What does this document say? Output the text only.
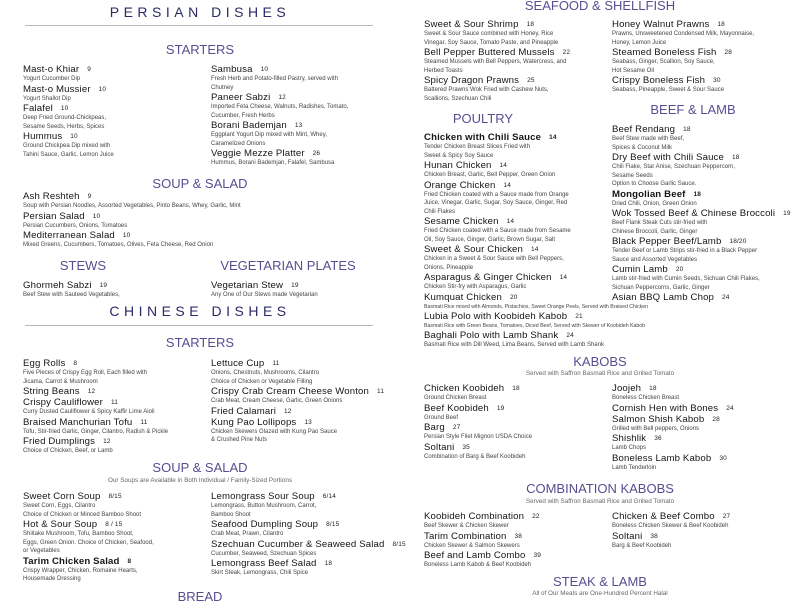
PERSIAN DISHES
STARTERS
Mast-o Khiar 9
Yogurt Cucumber Dip
Mast-o Mussier 10
Yogurt Shallot Dip
Falafel 10
Deep Fried Ground-Chickpeas,
Sesame Seeds, Herbs, Spices
Hummus 10
Ground Chickpea Dip mixed with
Tahini Sauce, Garlic, Lemon Juice
Sambusa 10
Fresh Herb and Potato-filled Pastry, served with
Chutney
Paneer Sabzi 12
Imported Feta Cheese, Walnuts, Radishes, Tomato,
Cucumber, Fresh Herbs
Borani Bademjan 13
Eggplant Yogurt Dip mixed with Mint, Whey,
Caramelized Onions
Veggie Mezze Platter 26
Hummus, Borani Bademjan, Falafel, Sambusa
SOUP & SALAD
Ash Reshteh 9
Soup with Persian Noodles, Assorted Vegetables, Pinto Beans, Whey, Garlic, Mint
Persian Salad 10
Persian Cucumbers, Onions, Tomatoes
Mediterranean Salad 10
Mixed Greens, Cucumbers, Tomatoes, Olives, Feta Cheese, Red Onion
STEWS	VEGETARIAN PLATES
Ghormeh Sabzi 19
Beef Stew with Sauteed Vegetables,
Vegetarian Stew 19
Any One of Our Stews made Vegetarian
CHINESE DISHES
STARTERS
Egg Rolls 8
Five Pieces of Crispy Egg Roll, Each filled with
Jicama, Carrot & Mushroom
String Beans 12
Crispy Cauliflower 11
Curry Dusted Cauliflower & Spicy Kaffir Lime Aioli
Braised Manchurian Tofu 11
Tofu, Stir-fried Garlic, Ginger, Cilantro, Radish & Pickle
Fried Dumplings 12
Choice of Chicken, Beef, or Lamb
Lettuce Cup 11
Onions, Chestnuts, Mushrooms, Cilantro
Choice of Chicken or Vegetable Filling
Crispy Crab Cream Cheese Wonton 11
Crab Meat, Cream Cheese, Garlic, Green Onions
Fried Calamari 12
Kung Pao Lollipops 13
Chicken Skewers Glazed with Kung Pao Sauce
& Crushed Pine Nuts
SOUP & SALAD
Our Soups are Available in Both Individual / Family-Sized Portions
Sweet Corn Soup 8/15
Sweet Corn, Eggs, Cilantro
Choice of Chicken or Minced Bamboo Shoot
Hot & Sour Soup 8 / 15
Shiitake Mushroom, Tofu, Bamboo Shoot,
Eggs, Green Onion. Choice of Chicken, Seafood,
or Vegetables
Tarim Chicken Salad 8
Crispy Wrapper, Chicken, Romaine Hearts,
Housemade Dressing
Lemongrass Sour Soup 6/14
Lemongrass, Button Mushroom, Carrot,
Bamboo Shoot
Seafood Dumpling Soup 8/15
Crab Meat, Prawn, Cilantro
Szechuan Cucumber & Seaweed Salad 8/15
Cucumber, Seaweed, Szechuan Spices
Lemongrass Beef Salad 18
Skirt Steak, Lemongrass, Chili Spice
BREAD
SEAFOOD & SHELLFISH
Sweet & Sour Shrimp 18
Sweet & Sour Sauce combined with Honey, Rice
Vinegar, Soy Sauce, Tomato Paste, and Pineapple
Bell Pepper Buttered Mussels 22
Steamed Mussels with Bell Peppers, Watercress, and
Herbed Toasts
Spicy Dragon Prawns 25
Battered Prawns Wok Fried with Cashew Nuts,
Scallions, Szechuan Chili
Honey Walnut Prawns 18
Prawns, Unsweetened Condensed Milk, Mayonnaise,
Honey, Lemon Juice
Steamed Boneless Fish 28
Seabass, Ginger, Scallion, Soy Sauce,
Hot Sesame Oil
Crispy Boneless Fish 30
Seabass, Pineapple, Sweet & Sour Sauce
POULTRY
BEEF & LAMB
Chicken with Chili Sauce 14
Tender Chicken Breast Slices Fried with
Sweet & Spicy Soy Sauce
Hunan Chicken 14
Chicken Breast, Garlic, Bell Pepper, Green Onion
Orange Chicken 14
Fried Chicken coated with a Sauce made from Orange
Juice, Vinegar, Garlic, Sugar, Soy Sauce, Ginger, Red
Chili Flakes
Sesame Chicken 14
Fried Chicken coated with a Sauce made from Sesame
Oil, Soy Sauce, Ginger, Garlic, Brown Sugar, Salt
Sweet & Sour Chicken 14
Chicken in a Sweet & Sour Sauce with Bell Peppers,
Onions, Pineapple
Asparagus & Ginger Chicken 14
Chicken Stir-fry with Asparagus, Garlic
Kumquat Chicken 20
Basmati Rice mixed with Almonds, Pistachios, Sweet Orange Peels, Served with Braised Chicken
Lubia Polo with Koobideh Kabob 21
Basmati Rice with Green Beans, Tomatoes, Diced Beef, Served with Skewer of Koobideh Kabob
Baghali Polo with Lamb Shank 24
Basmati Rice with Dill Weed, Lima Beans, Served with Lamb Shank
Beef Rendang 18
Beef Stew made with Beef,
Spices & Coconut Milk
Dry Beef with Chili Sauce 18
Chili Flake, Star Anise, Szechuan Peppercorn,
Sesame Seeds
Option to Choose Garlic Sauce.
Mongolian Beef 18
Dried Chili, Onion, Green Onion
Wok Tossed Beef & Chinese Broccoli 19
Beef Flank Steak Cuts stir-fried with
Chinese Broccoli, Garlic, Ginger
Black Pepper Beef/Lamb 18/20
Tender Beef or Lamb Strips stir-fried in a Black Pepper
Sauce and Assorted Vegetables
Cumin Lamb 20
Lamb stir-fried with Cumin Seeds, Sichuan Chili Flakes,
Sichuan Peppercorns, Garlic, Ginger
Asian BBQ Lamb Chop 24
KABOBS
Served with Saffron Basmati Rice and Grilled Tomato
Chicken Koobideh 18
Ground Chicken Breast
Beef Koobideh 19
Ground Beef
Barg 27
Persian Style Filet Mignon USDA Choice
Soltani 35
Combination of Barg & Beef Koobideh
Joojeh 18
Boneless Chicken Breast
Cornish Hen with Bones 24
Salmon Shish Kabob 28
Grilled with Bell peppers, Onions
Shishlik 36
Lamb Chops
Boneless Lamb Kabob 30
Lamb Tenderloin
COMBINATION KABOBS
Served with Saffron Basmati Rice and Grilled Tomato
Koobideh Combination 22
Beef Skewer & Chicken Skewer
Tarim Combination 38
Chicken Skewer & Salmon Skewers
Beef and Lamb Combo 39
Boneless Lamb Kabob & Beef Koobideh
Chicken & Beef Combo 27
Boneless Chicken Skewer & Beef Koobideh
Soltani 38
Barg & Beef Koobideh
STEAK & LAMB
All of Our Meats are One-Hundred Percent Halal
